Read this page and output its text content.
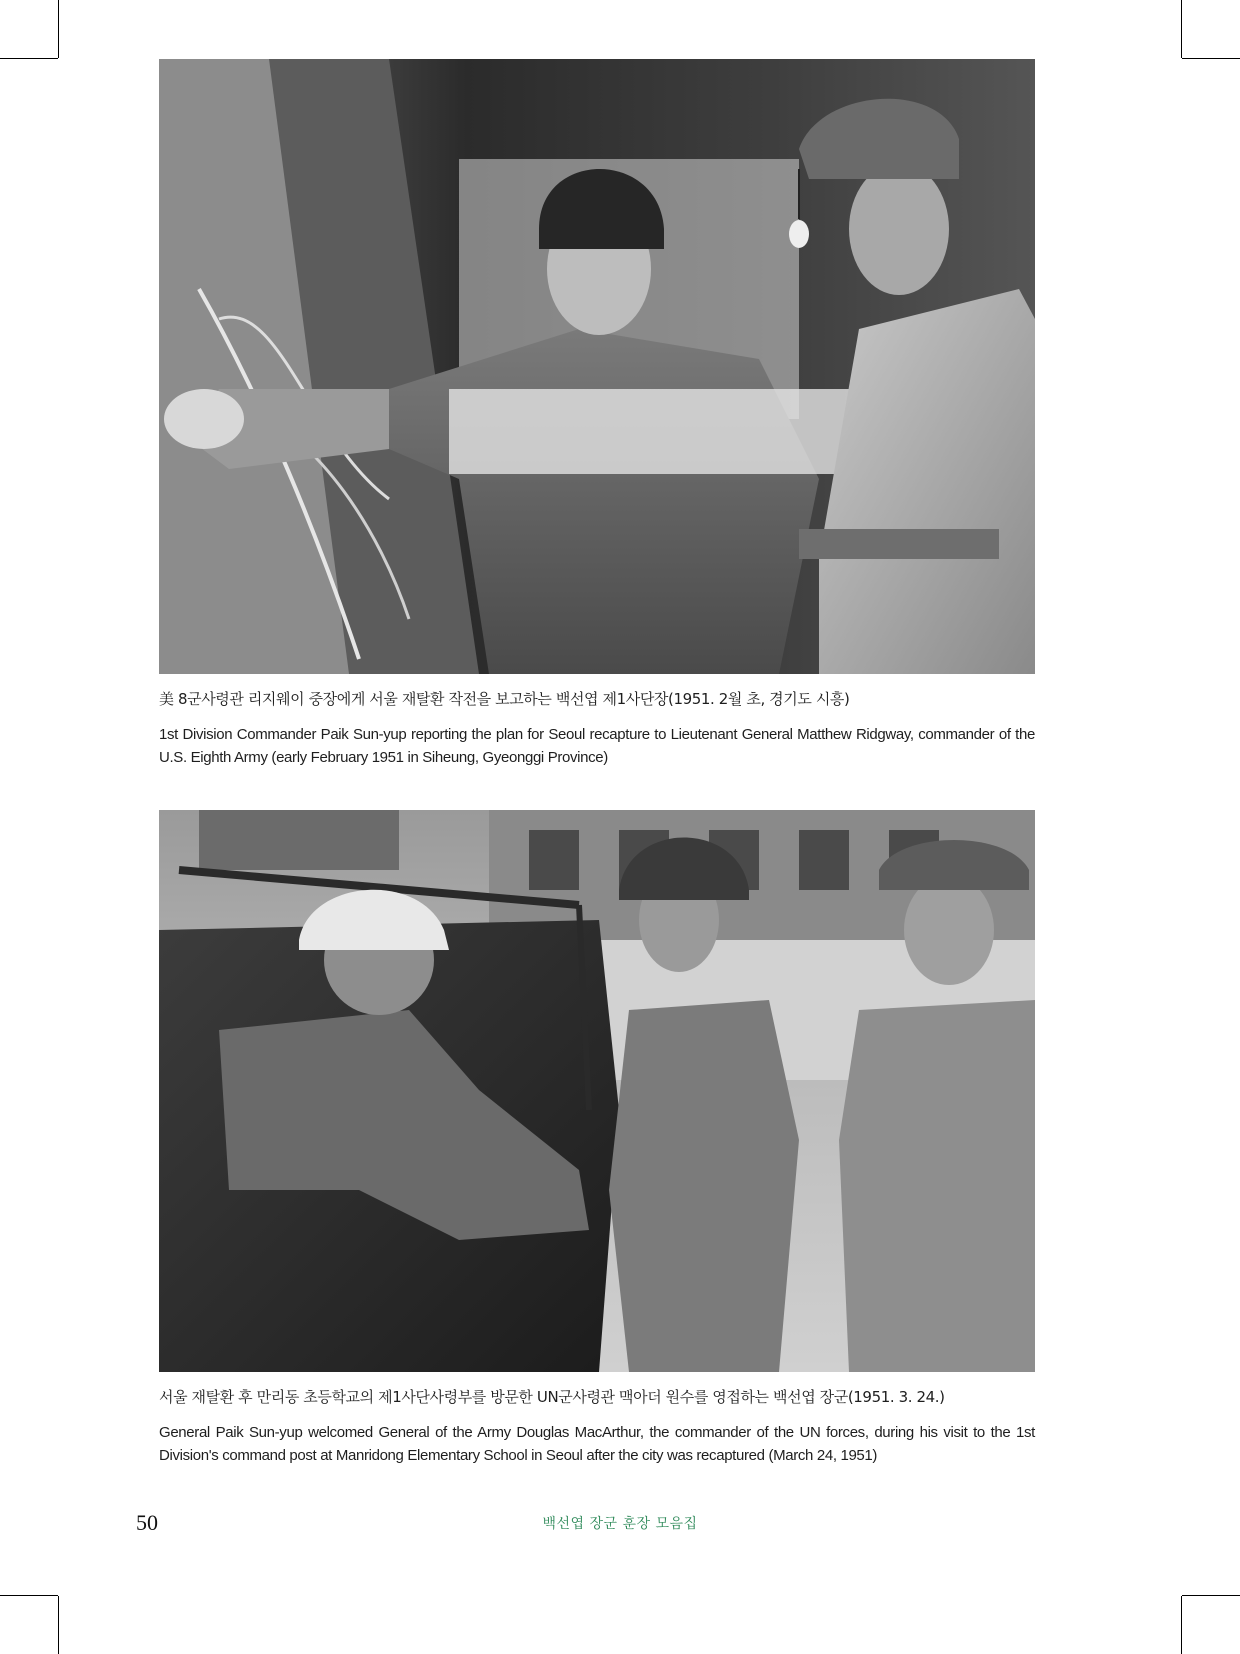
美 8군사령관 리지웨이 중장에게 서울 재탈환 작전을 보고하는 백선엽 제1사단장(1951. 2월 초, 경기도 시흥)
1st Division Commander Paik Sun-yup reporting the plan for Seoul recapture to Lieutenant General Matthew Ridgway, commander of the U.S. Eighth Army (early February 1951 in Siheung, Gyeonggi Province)
서울 재탈환 후 만리동 초등학교의 제1사단사령부를 방문한 UN군사령관 맥아더 원수를 영접하는 백선엽 장군(1951. 3. 24.)
General Paik Sun-yup welcomed General of the Army Douglas MacArthur, the commander of the UN forces, during his visit to the 1st Division's command post at Manridong Elementary School in Seoul after the city was recaptured (March 24, 1951)
50	백선엽 장군 훈장 모음집
